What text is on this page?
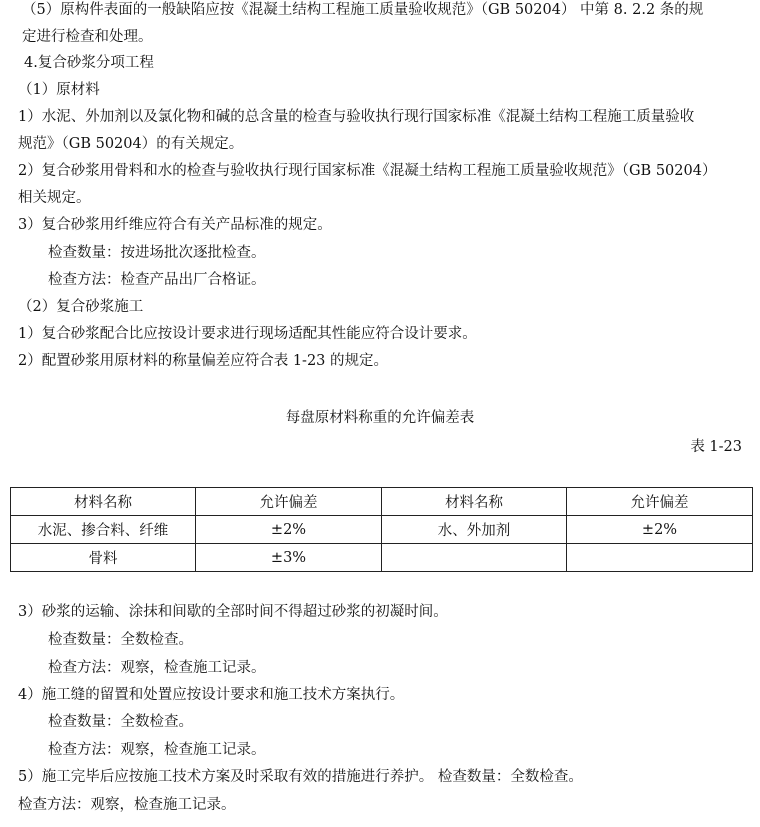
（5）原构件表面的一般缺陷应按《混凝土结构工程施工质量验收规范》（GB 50204） 中第 8. 2.2 条的规
定进行检查和处理。
4.复合砂浆分项工程
（1）原材料
1）水泥、外加剂以及氯化物和碱的总含量的检查与验收执行现行国家标准《混凝土结构工程施工质量验收
规范》（GB 50204）的有关规定。
2）复合砂浆用骨料和水的检查与验收执行现行国家标准《混凝土结构工程施工质量验收规范》（GB 50204）
相关规定。
3）复合砂浆用纤维应符合有关产品标准的规定。
检查数量：按进场批次逐批检查。
检查方法：检查产品出厂合格证。
（2）复合砂浆施工
1）复合砂浆配合比应按设计要求进行现场适配其性能应符合设计要求。
2）配置砂浆用原材料的称量偏差应符合表 1-23 的规定。
每盘原材料称重的允许偏差表
表 1-23
材料名称	允许偏差	材料名称	允许偏差
水泥、掺合料、纤维	±2%	水、外加剂	±2%
骨料	±3%		
3）砂浆的运输、涂抹和间歇的全部时间不得超过砂浆的初凝时间。
检查数量：全数检查。
检查方法：观察，检查施工记录。
4）施工缝的留置和处置应按设计要求和施工技术方案执行。
检查数量：全数检查。
检查方法：观察，检查施工记录。
5）施工完毕后应按施工技术方案及时采取有效的措施进行养护。 检查数量：全数检查。
检查方法：观察，检查施工记录。
